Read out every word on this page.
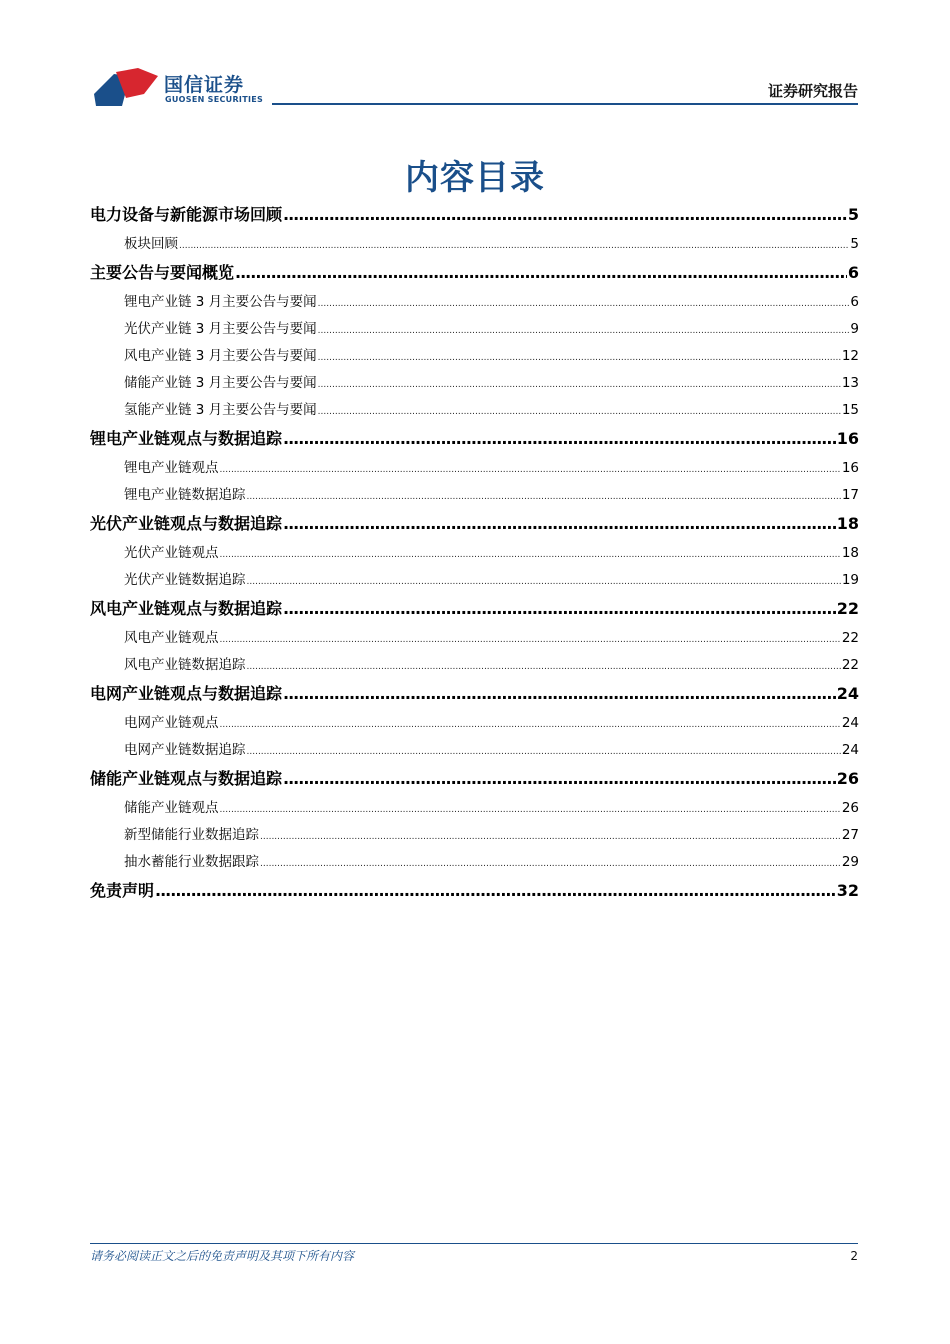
国信证券
GUOSEN SECURITIES	证券研究报告
内容目录
电力设备与新能源市场回顾 .....	5
板块回顾 .....	5
主要公告与要闻概览 .....	6
锂电产业链 3 月主要公告与要闻 .....	6
光伏产业链 3 月主要公告与要闻 .....	9
风电产业链 3 月主要公告与要闻 .....	12
储能产业链 3 月主要公告与要闻 .....	13
氢能产业链 3 月主要公告与要闻 .....	15
锂电产业链观点与数据追踪 .....	16
锂电产业链观点 .....	16
锂电产业链数据追踪 .....	17
光伏产业链观点与数据追踪 .....	18
光伏产业链观点 .....	18
光伏产业链数据追踪 .....	19
风电产业链观点与数据追踪 .....	22
风电产业链观点 .....	22
风电产业链数据追踪 .....	22
电网产业链观点与数据追踪 .....	24
电网产业链观点 .....	24
电网产业链数据追踪 .....	24
储能产业链观点与数据追踪 .....	26
储能产业链观点 .....	26
新型储能行业数据追踪 .....	27
抽水蓄能行业数据跟踪 .....	29
免责声明 .....	32
请务必阅读正文之后的免责声明及其项下所有内容	2
